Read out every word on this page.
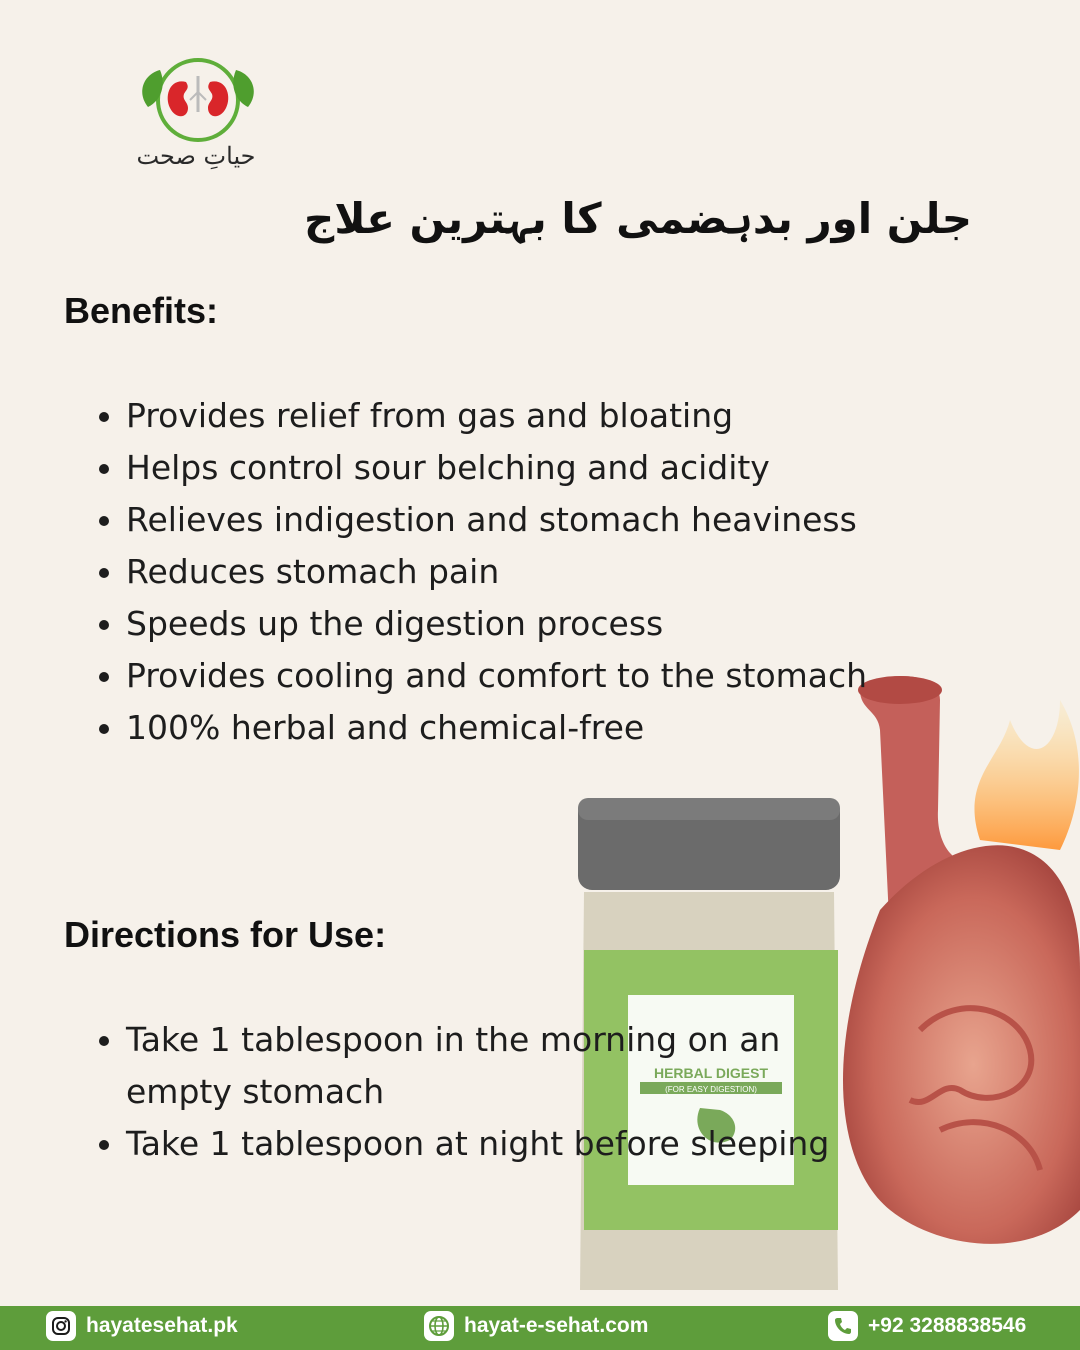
حیاتِ صحت
جلن اور بدہضمی کا بہترین علاج
HERBAL DIGEST
(FOR EASY DIGESTION)
Benefits:
• Provides relief from gas and bloating
• Helps control sour belching and acidity
• Relieves indigestion and stomach heaviness
• Reduces stomach pain
• Speeds up the digestion process
• Provides cooling and comfort to the stomach
• 100% herbal and chemical-free
Directions for Use:
• Take 1 tablespoon in the morning on an empty stomach
• Take 1 tablespoon at night before sleeping
hayatesehat.pk	hayat-e-sehat.com	+92 3288838546
